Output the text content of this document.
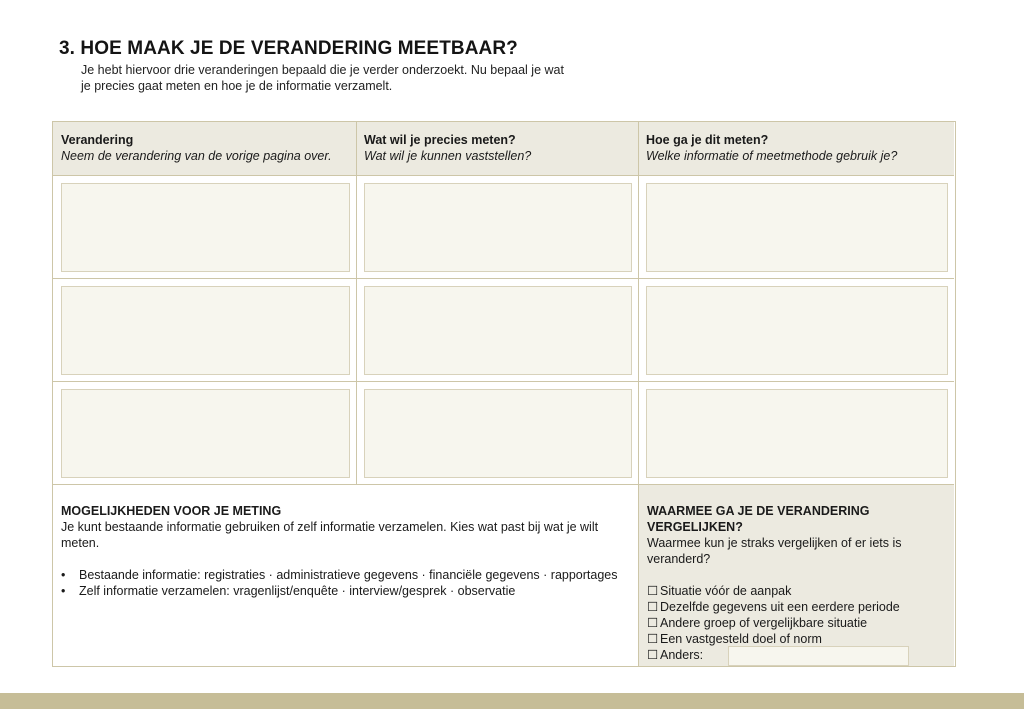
3. HOE MAAK JE DE VERANDERING MEETBAAR?

Je hebt hiervoor drie veranderingen bepaald die je verder onderzoekt. Nu bepaal je wat
je precies gaat meten en hoe je de informatie verzamelt.

Verandering
Neem de verandering van de vorige pagina over.
Wat wil je precies meten?
Wat wil je kunnen vaststellen?
Hoe ga je dit meten?
Welke informatie of meetmethode gebruik je?
MOGELIJKHEDEN VOOR JE METING
Je kunt bestaande informatie gebruiken of zelf informatie verzamelen. Kies wat past bij wat je wilt meten.
• Bestaande informatie: registraties · administratieve gegevens · financiële gegevens · rapportages
• Zelf informatie verzamelen: vragenlijst/enquête · interview/gesprek · observatie
WAARMEE GA JE DE VERANDERING VERGELIJKEN?
Waarmee kun je straks vergelijken of er iets is veranderd?
☐ Situatie vóór de aanpak
☐ Dezelfde gegevens uit een eerdere periode
☐ Andere groep of vergelijkbare situatie
☐ Een vastgesteld doel of norm
☐ Anders:
